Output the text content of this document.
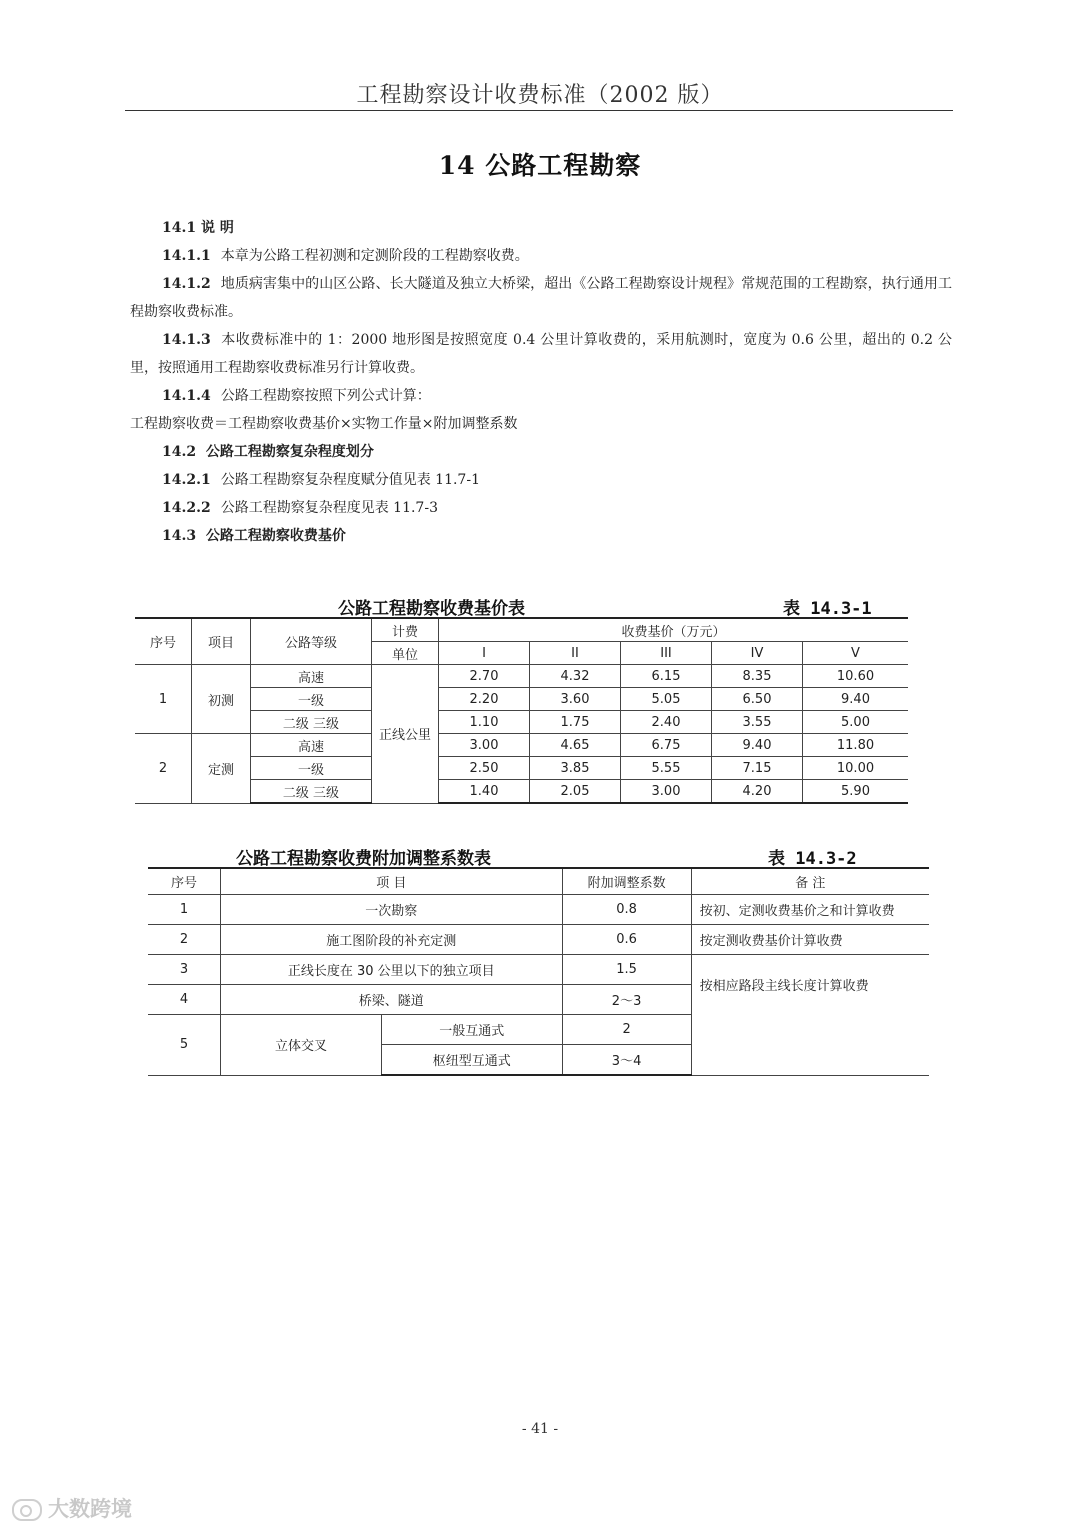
工程勘察设计收费标准（2002 版）
14 公路工程勘察

14.1 说 明

14.1.1 本章为公路工程初测和定测阶段的工程勘察收费。

14.1.2 地质病害集中的山区公路、长大隧道及独立大桥梁，超出《公路工程勘察设计规程》常规范围的工程勘察，执行通用工程勘察收费标准。

14.1.3 本收费标准中的 1：2000 地形图是按照宽度 0.4 公里计算收费的，采用航测时，宽度为 0.6 公里，超出的 0.2 公里，按照通用工程勘察收费标准另行计算收费。

14.1.4 公路工程勘察按照下列公式计算：

工程勘察收费＝工程勘察收费基价×实物工作量×附加调整系数

14.2 公路工程勘察复杂程度划分

14.2.1 公路工程勘察复杂程度赋分值见表 11.7-1

14.2.2 公路工程勘察复杂程度见表 11.7-3

14.3 公路工程勘察收费基价

公路工程勘察收费基价表	表 14.3-1
序号	项目	公路等级	计费	收费基价（万元）				
			单位	I	II	III	IV	V
1	初测	高速	正线公里	2.70	4.32	6.15	8.35	10.60
		一级		2.20	3.60	5.05	6.50	9.40
		二级 三级		1.10	1.75	2.40	3.55	5.00
2	定测	高速		3.00	4.65	6.75	9.40	11.80
		一级		2.50	3.85	5.55	7.15	10.00
		二级 三级		1.40	2.05	3.00	4.20	5.90
公路工程勘察收费附加调整系数表	表 14.3-2
序号	项 目		附加调整系数	备 注
1	一次勘察		0.8	按初、定测收费基价之和计算收费
2	施工图阶段的补充定测		0.6	按定测收费基价计算收费
3	正线长度在 30 公里以下的独立项目		1.5	按相应路段主线长度计算收费
4	桥梁、隧道		2～3	
5	立体交叉	一般互通式	2	
		枢纽型互通式	3～4	
- 41 -
大数跨境
